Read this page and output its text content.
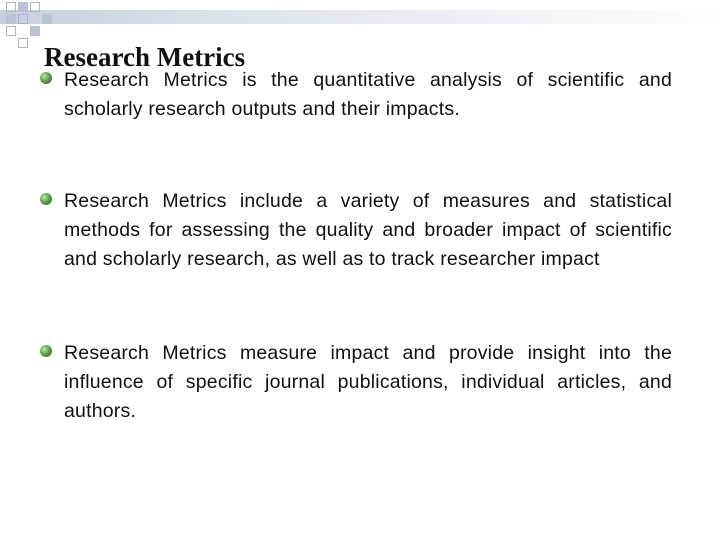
Research Metrics

Research Metrics is the quantitative analysis of scientific and scholarly research outputs and their impacts.

Research Metrics include a variety of measures and statistical methods for assessing the quality and broader impact of scientific and scholarly research, as well as to track researcher impact

Research Metrics measure impact and provide insight into the influence of specific journal publications, individual articles, and authors.
